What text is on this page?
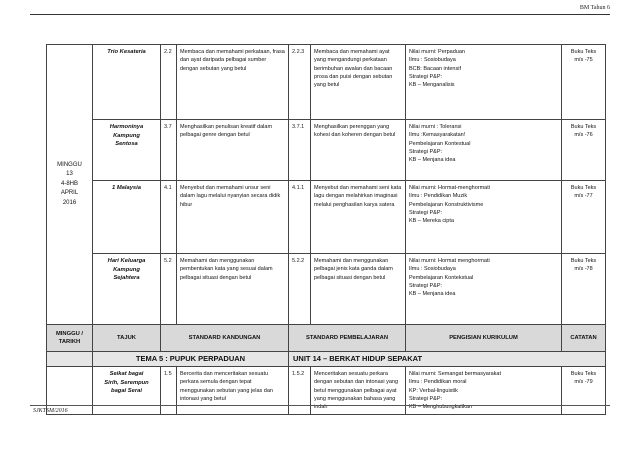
BM Tahun 6
MINGGU
13
4-8HB
APRIL
2016	Trio Kesateria	2.2	Membaca dan memahami perkataan, frasa dan ayat daripada pelbagai sumber dengan sebutan yang betul	2.2.3	Membaca dan memahami ayat yang mengandungi perkataan berimbuhan awalan dan bacaan prosa dan puisi dengan sebutan yang betul	Nilai murni: Perpaduan
Ilmu : Sosiobudaya
BCB: Bacaan intensif
Strategi P&P:
KB – Menganalisis	Buku Teks
m/s -75

	Harmoninya
Kampung
Sentosa	3.7	Menghasilkan penulisan kreatif dalam pelbagai genre dengan betul	3.7.1	Menghasilkan perenggan yang kohesi dan koheren dengan betul	Nilai murni : Toleransi
Ilmu :Kemasyarakatan!
Pembelajaran Kontestual
Strategi P&P:
KB – Menjana idea	Buku Teks
m/s -76

	1 Malaysia	4.1	Menyebut dan memahami unsur seni dalam lagu melalui nyanyian secara didik hibur	4.1.1	Menyebut dan memahami seni kata lagu dengan melahirkan imaginasi melalui penghasilan karya satera	Nilai murni: Hormat-menghormati
Ilmu : Pendidikan Muzik
Pembelajaran Konstruktivisme
Strategi P&P:
KB – Mereka cipta	Buku Teks
m/s -77

	Hari Keluarga
Kampung
Sejahtera	5.2	Memahami dan menggunakan pembentukan kata yang sesuai dalam pelbagai situasi dengan betul	5.2.2	Memahami dan menggunakan pelbagai jenis kata ganda dalam pelbagai situasi dengan betul	Nilai murni: Hormat menghormati
Ilmu : Sosiobudaya
Pembelajaran Kontekstual
Strategi P&P:
KB – Menjana idea	Buku Teks
m/s -78

MINGGU /
TARIKH	TAJUK	STANDARD KANDUNGAN		STANDARD PEMBELAJARAN		PENGISIAN KURIKULUM	CATATAN
	TEMA 5 : PUPUK PERPADUAN			UNIT 14 – BERKAT HIDUP SEPAKAT			

	Seikat bagai
Sirih, Serempun
bagai Serai	1.5	Bercerita dan menceritakan sesuatu perkara semula dengan tepat menggunakan sebutan yang jelas dan intonasi yang betul	1.5.2	Menceritakan sesuatu perkara dengan sebutan dan intonasi yang betul menggunakan pelbagai ayat yang menggunakan bahasa yang indah	Nilai murni: Semangat bermasyarakat
Ilmu : Pendidikan moral
KP: Verbal-linguistik
Strategi P&P:
KB – Menghubungkaitkan	Buku Teks
m/s -79
SJKTSM/2016
